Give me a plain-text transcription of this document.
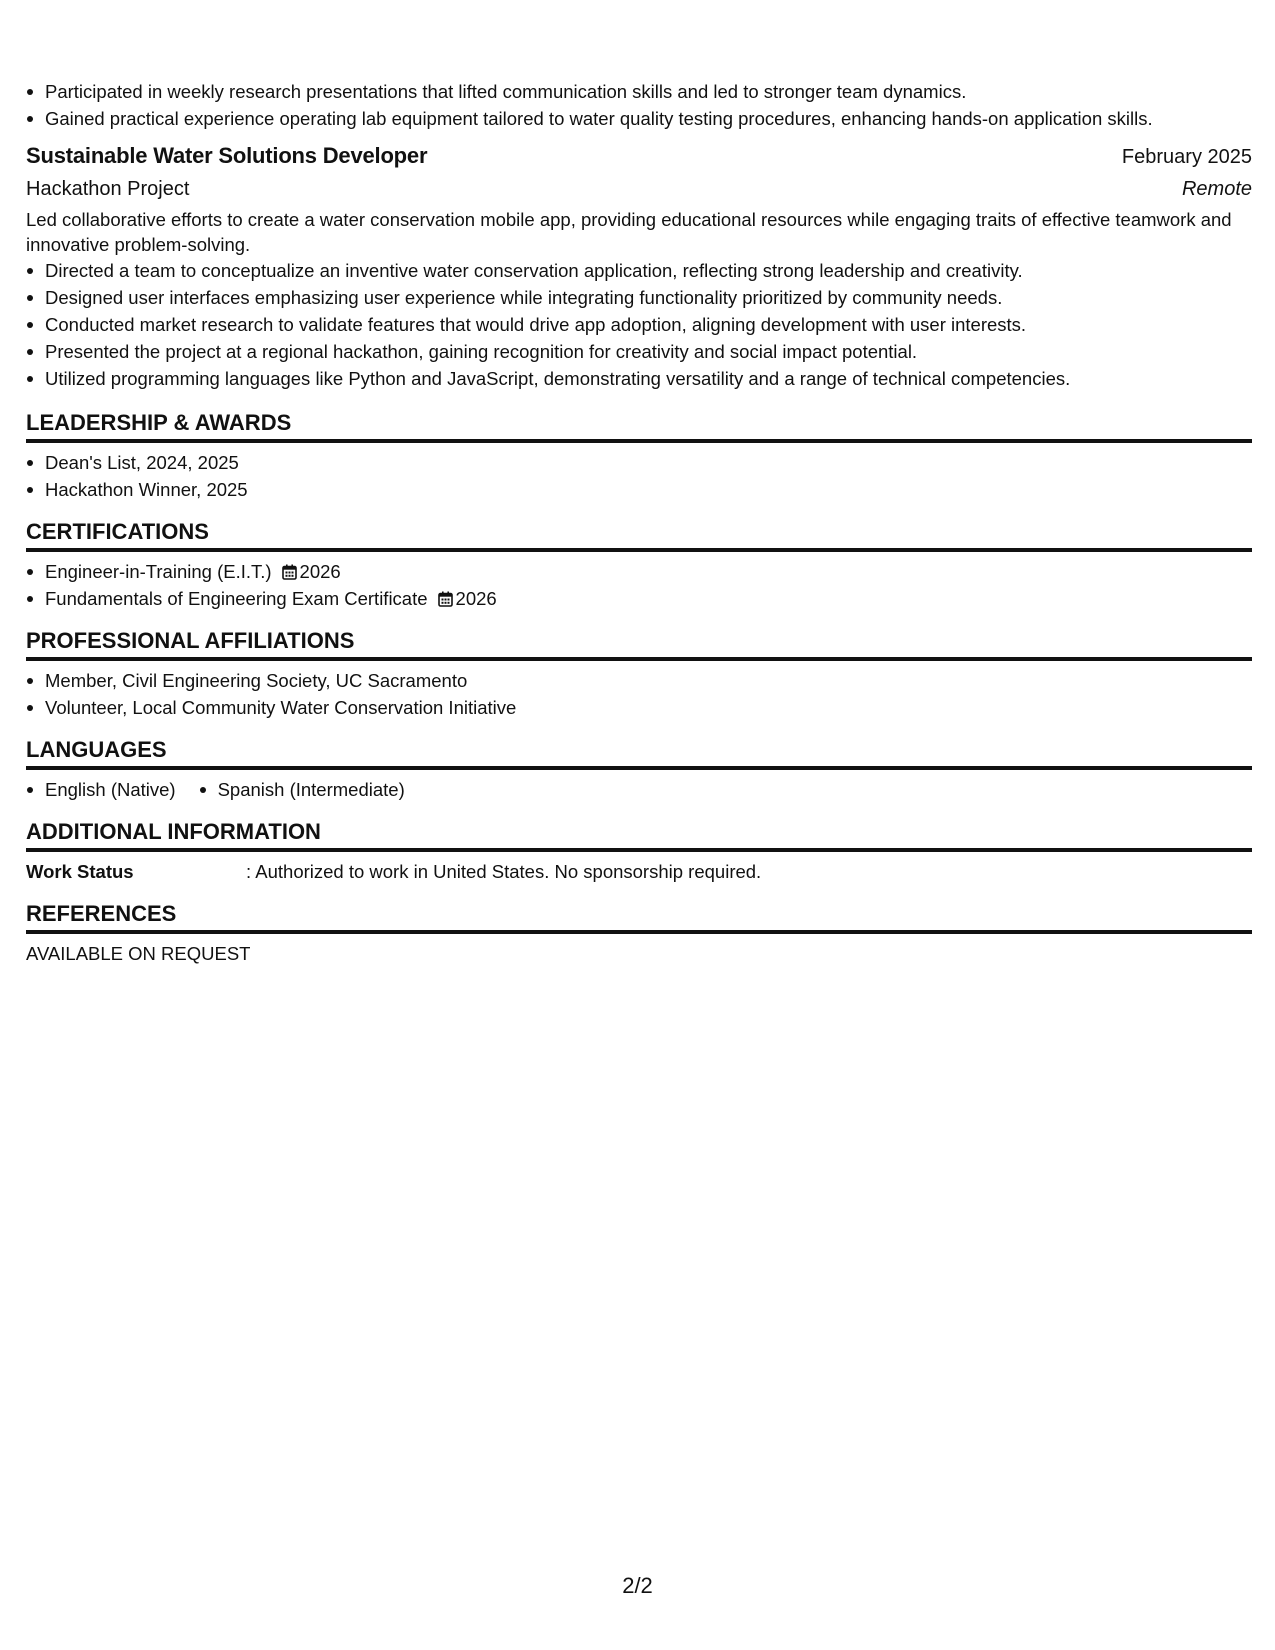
Participated in weekly research presentations that lifted communication skills and led to stronger team dynamics.
Gained practical experience operating lab equipment tailored to water quality testing procedures, enhancing hands-on application skills.
Sustainable Water Solutions Developer	February 2025
Hackathon Project	Remote
Led collaborative efforts to create a water conservation mobile app, providing educational resources while engaging traits of effective teamwork and innovative problem-solving.
Directed a team to conceptualize an inventive water conservation application, reflecting strong leadership and creativity.
Designed user interfaces emphasizing user experience while integrating functionality prioritized by community needs.
Conducted market research to validate features that would drive app adoption, aligning development with user interests.
Presented the project at a regional hackathon, gaining recognition for creativity and social impact potential.
Utilized programming languages like Python and JavaScript, demonstrating versatility and a range of technical competencies.
LEADERSHIP & AWARDS
Dean's List, 2024, 2025
Hackathon Winner, 2025
CERTIFICATIONS
Engineer-in-Training (E.I.T.) 2026
Fundamentals of Engineering Exam Certificate 2026
PROFESSIONAL AFFILIATIONS
Member, Civil Engineering Society, UC Sacramento
Volunteer, Local Community Water Conservation Initiative
LANGUAGES
English (Native) Spanish (Intermediate)
ADDITIONAL INFORMATION
Work Status	: Authorized to work in United States. No sponsorship required.
REFERENCES
AVAILABLE ON REQUEST
2/2
